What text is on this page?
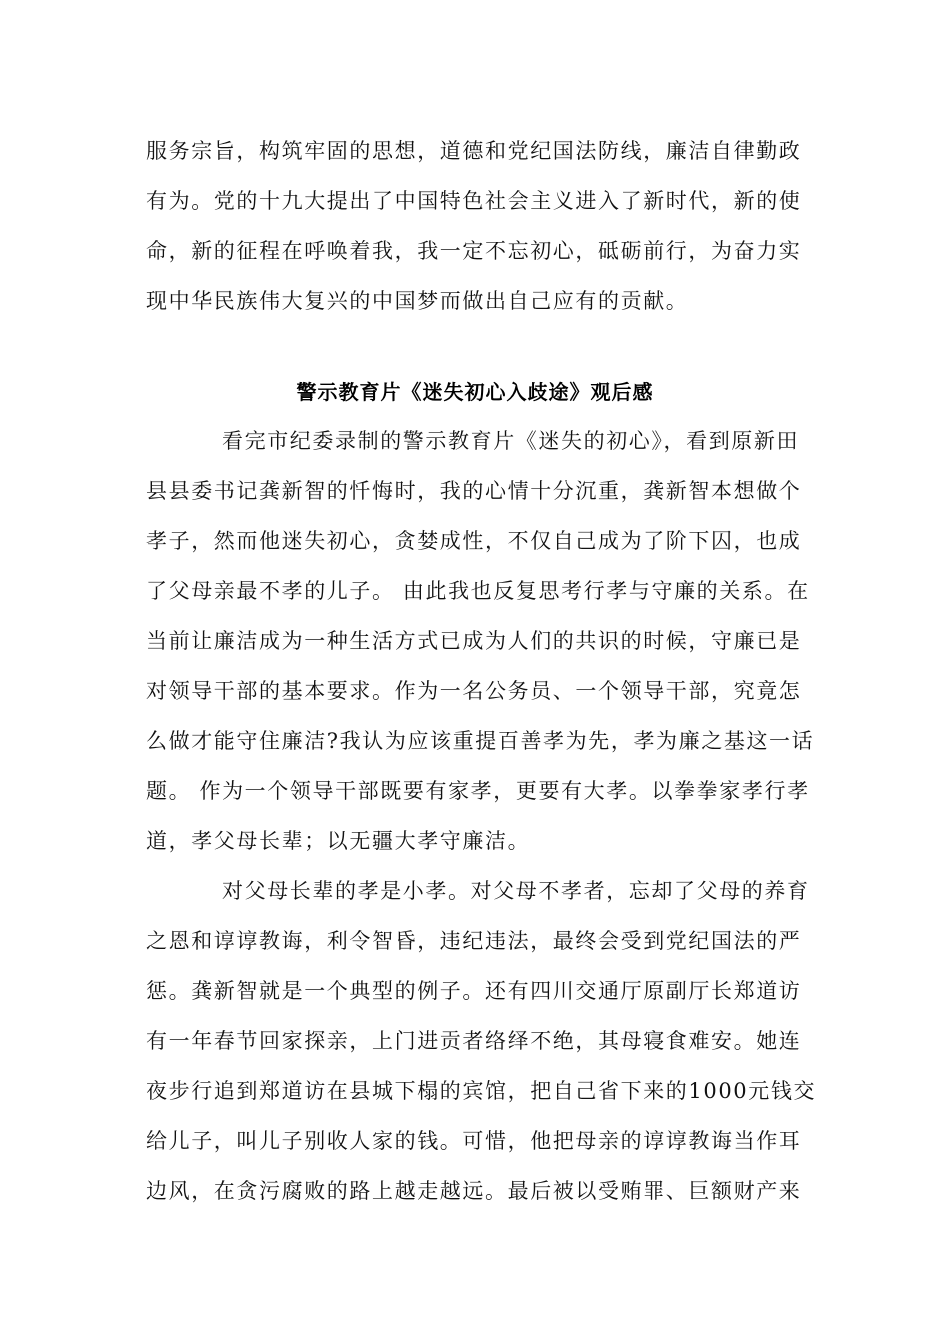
服务宗旨，构筑牢固的思想，道德和党纪国法防线，廉洁自律勤政
有为。党的十九大提出了中国特色社会主义进入了新时代，新的使
命，新的征程在呼唤着我，我一定不忘初心，砥砺前行，为奋力实
现中华民族伟大复兴的中国梦而做出自己应有的贡献。
警示教育片《迷失初心入歧途》观后感
看完市纪委录制的警示教育片《迷失的初心》，看到原新田
县县委书记龚新智的忏悔时，我的心情十分沉重，龚新智本想做个
孝子，然而他迷失初心，贪婪成性，不仅自己成为了阶下囚，也成
了父母亲最不孝的儿子。 由此我也反复思考行孝与守廉的关系。在
当前让廉洁成为一种生活方式已成为人们的共识的时候，守廉已是
对领导干部的基本要求。作为一名公务员、一个领导干部，究竟怎
么做才能守住廉洁?我认为应该重提百善孝为先，孝为廉之基这一话
题。 作为一个领导干部既要有家孝，更要有大孝。以拳拳家孝行孝
道，孝父母长辈；以无疆大孝守廉洁。
对父母长辈的孝是小孝。对父母不孝者，忘却了父母的养育
之恩和谆谆教诲，利令智昏，违纪违法，最终会受到党纪国法的严
惩。龚新智就是一个典型的例子。还有四川交通厅原副厅长郑道访
有一年春节回家探亲，上门进贡者络绎不绝，其母寝食难安。她连
夜步行追到郑道访在县城下榻的宾馆，把自己省下来的1000元钱交
给儿子，叫儿子别收人家的钱。可惜，他把母亲的谆谆教诲当作耳
边风，在贪污腐败的路上越走越远。最后被以受贿罪、巨额财产来
